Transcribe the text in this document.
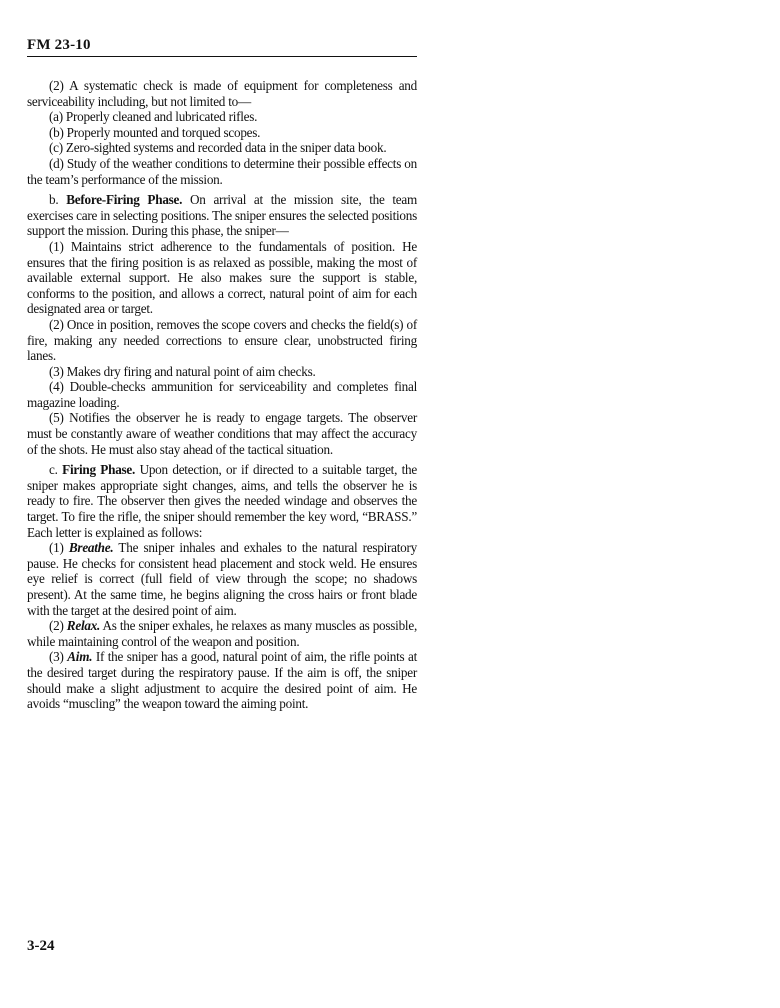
FM 23-10

(2) A systematic check is made of equipment for completeness and serviceability including, but not limited to—

(a) Properly cleaned and lubricated rifles.

(b) Properly mounted and torqued scopes.

(c) Zero-sighted systems and recorded data in the sniper data book.

(d) Study of the weather conditions to determine their possible effects on the team’s performance of the mission.

b. Before-Firing Phase. On arrival at the mission site, the team exercises care in selecting positions. The sniper ensures the selected positions support the mission. During this phase, the sniper—

(1) Maintains strict adherence to the fundamentals of position. He ensures that the firing position is as relaxed as possible, making the most of available external support. He also makes sure the support is stable, conforms to the position, and allows a correct, natural point of aim for each designated area or target.

(2) Once in position, removes the scope covers and checks the field(s) of fire, making any needed corrections to ensure clear, unobstructed firing lanes.

(3) Makes dry firing and natural point of aim checks.

(4) Double-checks ammunition for serviceability and completes final magazine loading.

(5) Notifies the observer he is ready to engage targets. The observer must be constantly aware of weather conditions that may affect the accuracy of the shots. He must also stay ahead of the tactical situation.

c. Firing Phase. Upon detection, or if directed to a suitable target, the sniper makes appropriate sight changes, aims, and tells the observer he is ready to fire. The observer then gives the needed windage and observes the target. To fire the rifle, the sniper should remember the key word, “BRASS.” Each letter is explained as follows:

(1) Breathe. The sniper inhales and exhales to the natural respiratory pause. He checks for consistent head placement and stock weld. He ensures eye relief is correct (full field of view through the scope; no shadows present). At the same time, he begins aligning the cross hairs or front blade with the target at the desired point of aim.

(2) Relax. As the sniper exhales, he relaxes as many muscles as possible, while maintaining control of the weapon and position.

(3) Aim. If the sniper has a good, natural point of aim, the rifle points at the desired target during the respiratory pause. If the aim is off, the sniper should make a slight adjustment to acquire the desired point of aim. He avoids “muscling” the weapon toward the aiming point.

3-24
